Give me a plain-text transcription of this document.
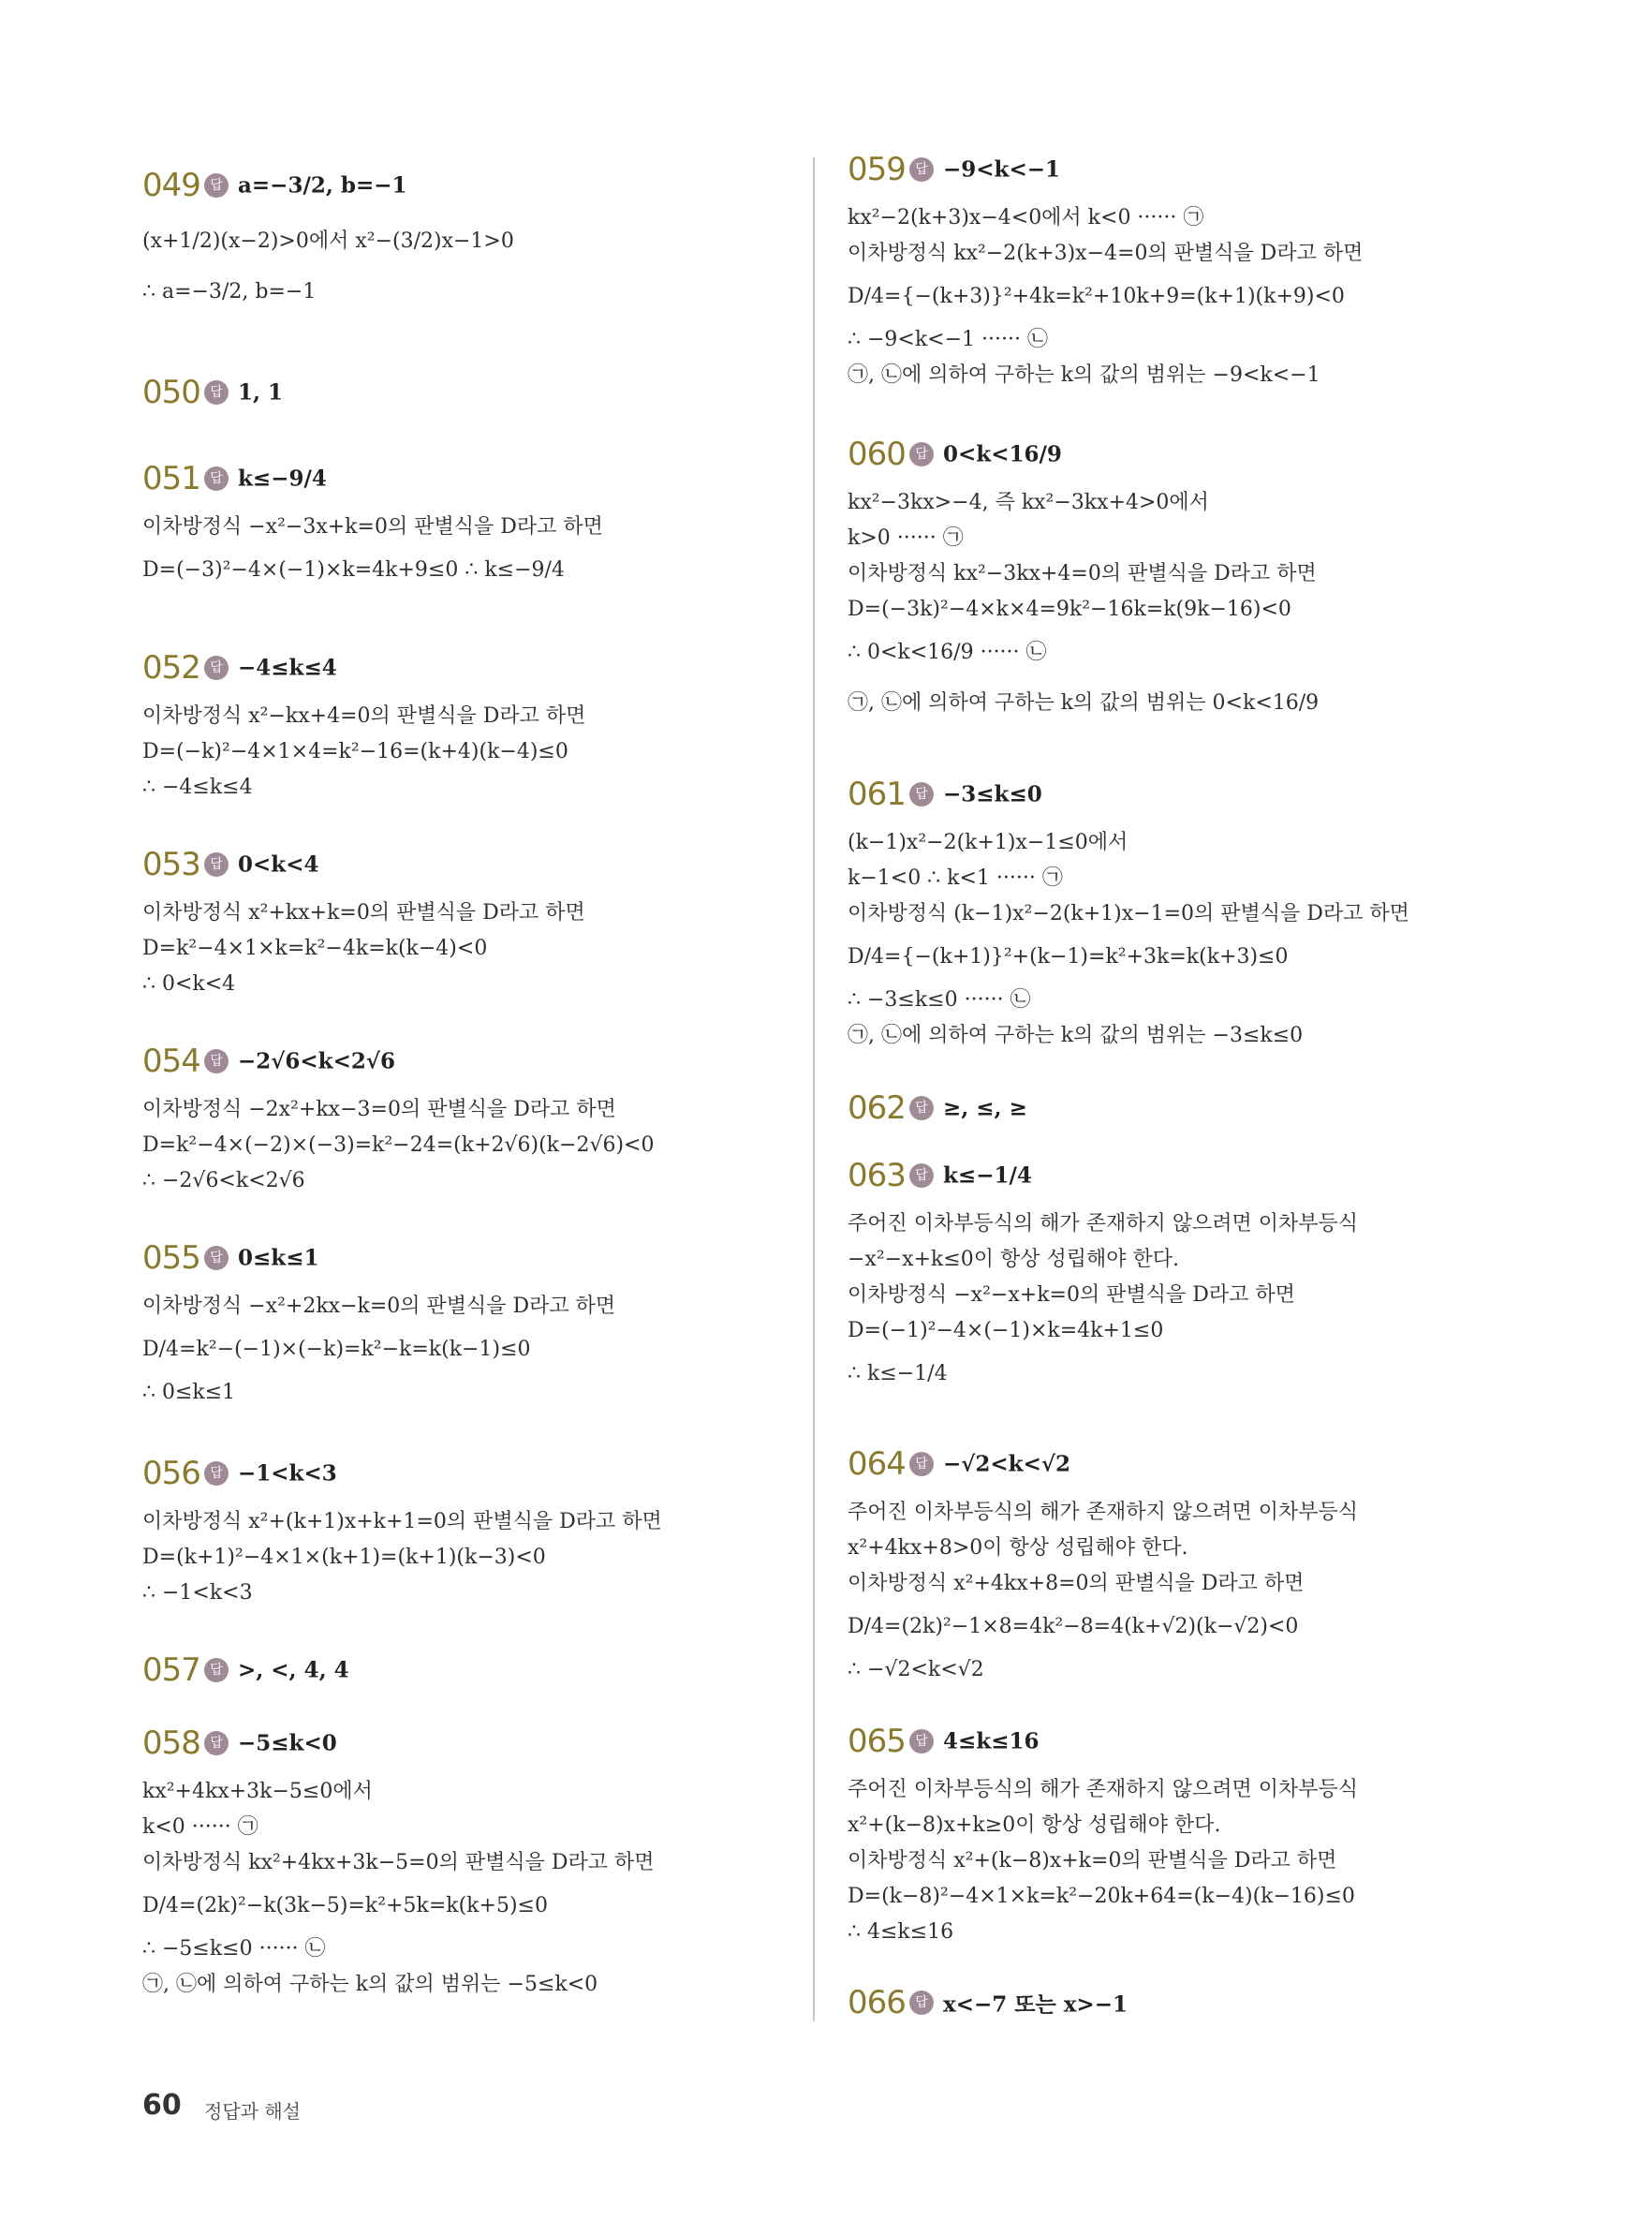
049 답 a=−3/2, b=−1
(x+1/2)(x−2)>0에서 x²−(3/2)x−1>0
∴ a=−3/2, b=−1
050 답 1, 1
051 답 k≤−9/4
이차방정식 −x²−3x+k=0의 판별식을 D라고 하면
D=(−3)²−4×(−1)×k=4k+9≤0 ∴ k≤−9/4
052 답 −4≤k≤4
이차방정식 x²−kx+4=0의 판별식을 D라고 하면
D=(−k)²−4×1×4=k²−16=(k+4)(k−4)≤0
∴ −4≤k≤4
053 답 0<k<4
이차방정식 x²+kx+k=0의 판별식을 D라고 하면
D=k²−4×1×k=k²−4k=k(k−4)<0
∴ 0<k<4
054 답 −2√6<k<2√6
이차방정식 −2x²+kx−3=0의 판별식을 D라고 하면
D=k²−4×(−2)×(−3)=k²−24=(k+2√6)(k−2√6)<0
∴ −2√6<k<2√6
055 답 0≤k≤1
이차방정식 −x²+2kx−k=0의 판별식을 D라고 하면
D/4=k²−(−1)×(−k)=k²−k=k(k−1)≤0
∴ 0≤k≤1
056 답 −1<k<3
이차방정식 x²+(k+1)x+k+1=0의 판별식을 D라고 하면
D=(k+1)²−4×1×(k+1)=(k+1)(k−3)<0
∴ −1<k<3
057 답 >, <, 4, 4
058 답 −5≤k<0
kx²+4kx+3k−5≤0에서
k<0 ······ ㉠
이차방정식 kx²+4kx+3k−5=0의 판별식을 D라고 하면
D/4=(2k)²−k(3k−5)=k²+5k=k(k+5)≤0
∴ −5≤k≤0 ······ ㉡
㉠, ㉡에 의하여 구하는 k의 값의 범위는 −5≤k<0
059 답 −9<k<−1
kx²−2(k+3)x−4<0에서 k<0 ······ ㉠
이차방정식 kx²−2(k+3)x−4=0의 판별식을 D라고 하면
D/4={−(k+3)}²+4k=k²+10k+9=(k+1)(k+9)<0
∴ −9<k<−1 ······ ㉡
㉠, ㉡에 의하여 구하는 k의 값의 범위는 −9<k<−1
060 답 0<k<16/9
kx²−3kx>−4, 즉 kx²−3kx+4>0에서
k>0 ······ ㉠
이차방정식 kx²−3kx+4=0의 판별식을 D라고 하면
D=(−3k)²−4×k×4=9k²−16k=k(9k−16)<0
∴ 0<k<16/9 ······ ㉡
㉠, ㉡에 의하여 구하는 k의 값의 범위는 0<k<16/9
061 답 −3≤k≤0
(k−1)x²−2(k+1)x−1≤0에서
k−1<0 ∴ k<1 ······ ㉠
이차방정식 (k−1)x²−2(k+1)x−1=0의 판별식을 D라고 하면
D/4={−(k+1)}²+(k−1)=k²+3k=k(k+3)≤0
∴ −3≤k≤0 ······ ㉡
㉠, ㉡에 의하여 구하는 k의 값의 범위는 −3≤k≤0
062 답 ≥, ≤, ≥
063 답 k≤−1/4
주어진 이차부등식의 해가 존재하지 않으려면 이차부등식
−x²−x+k≤0이 항상 성립해야 한다.
이차방정식 −x²−x+k=0의 판별식을 D라고 하면
D=(−1)²−4×(−1)×k=4k+1≤0
∴ k≤−1/4
064 답 −√2<k<√2
주어진 이차부등식의 해가 존재하지 않으려면 이차부등식
x²+4kx+8>0이 항상 성립해야 한다.
이차방정식 x²+4kx+8=0의 판별식을 D라고 하면
D/4=(2k)²−1×8=4k²−8=4(k+√2)(k−√2)<0
∴ −√2<k<√2
065 답 4≤k≤16
주어진 이차부등식의 해가 존재하지 않으려면 이차부등식
x²+(k−8)x+k≥0이 항상 성립해야 한다.
이차방정식 x²+(k−8)x+k=0의 판별식을 D라고 하면
D=(k−8)²−4×1×k=k²−20k+64=(k−4)(k−16)≤0
∴ 4≤k≤16
066 답 x<−7 또는 x>−1
60 정답과 해설
